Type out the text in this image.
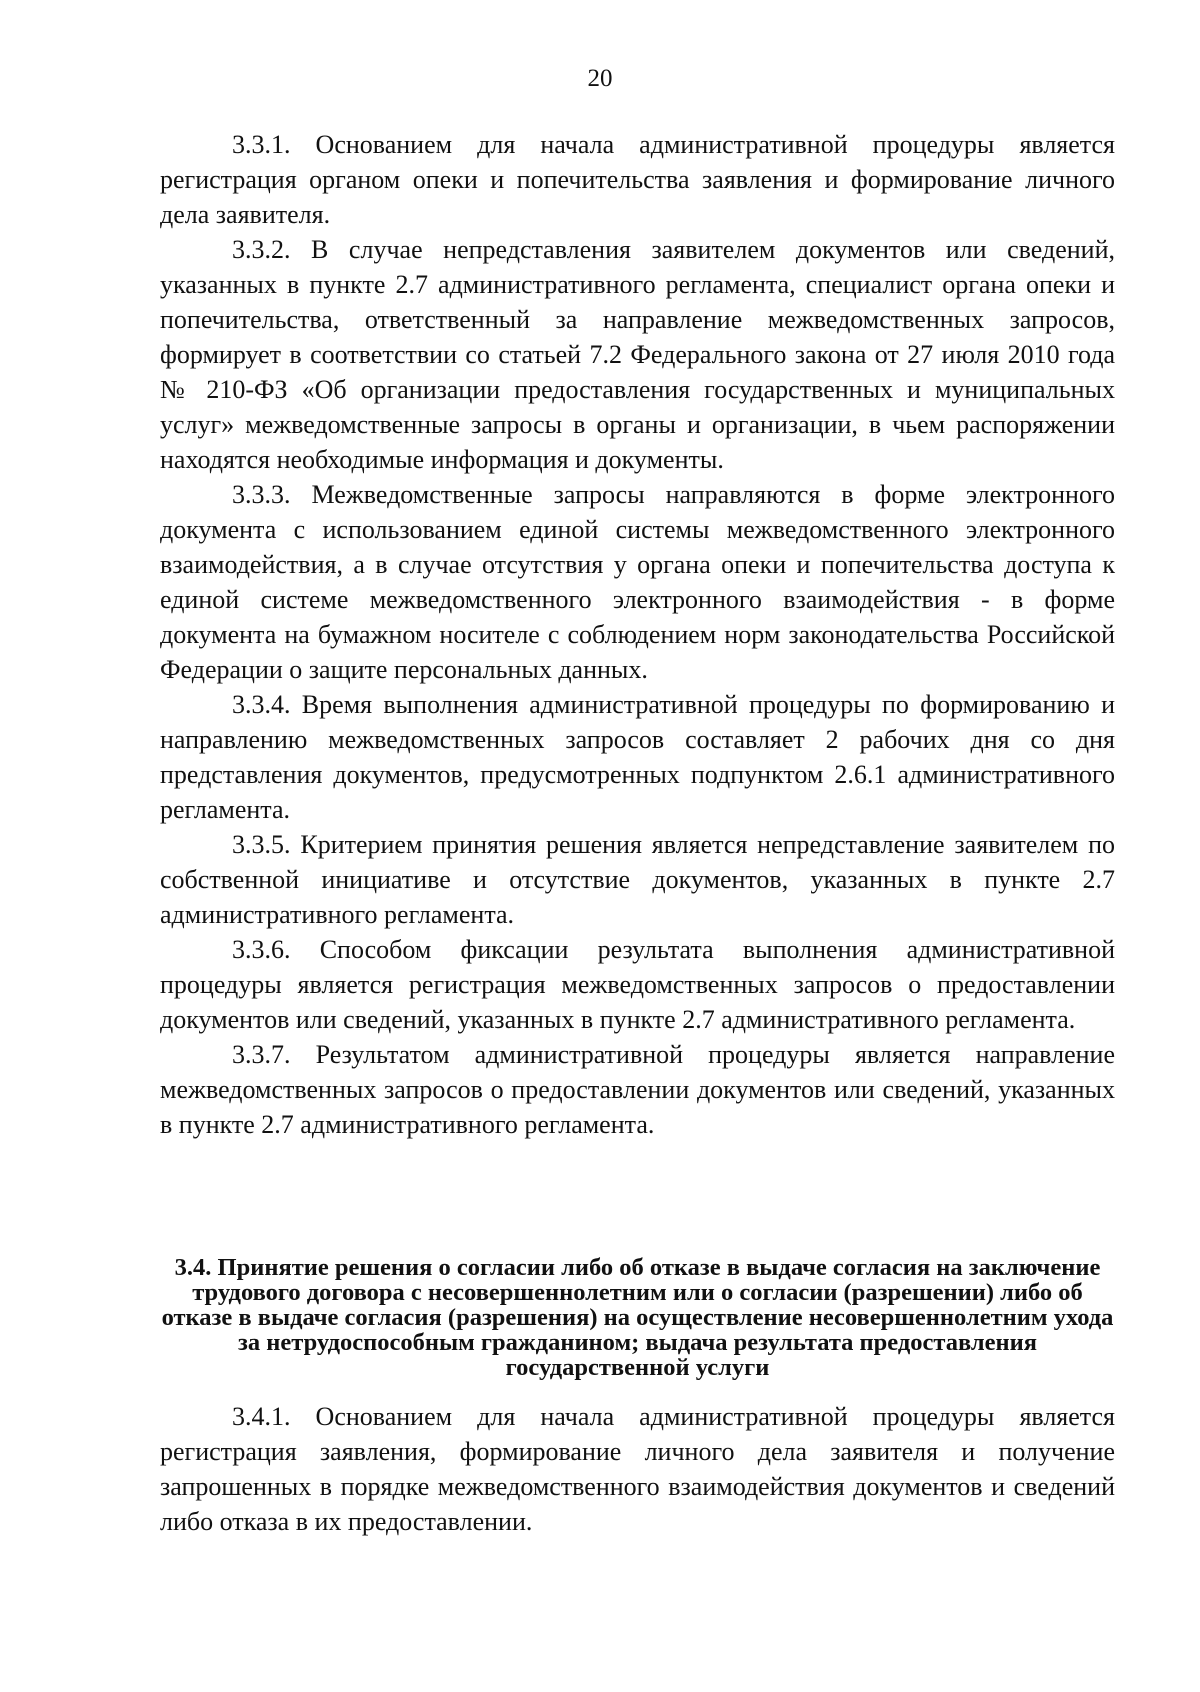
20

3.3.1. Основанием для начала административной процедуры является регистрация органом опеки и попечительства заявления и формирование личного дела заявителя.

3.3.2. В случае непредставления заявителем документов или сведений, указанных в пункте 2.7 административного регламента, специалист органа опеки и попечительства, ответственный за направление межведомственных запросов, формирует в соответствии со статьей 7.2 Федерального закона от 27 июля 2010 года № 210-ФЗ «Об организации предоставления государственных и муниципальных услуг» межведомственные запросы в органы и организации, в чьем распоряжении находятся необходимые информация и документы.

3.3.3. Межведомственные запросы направляются в форме электронного документа с использованием единой системы межведомственного электронного взаимодействия, а в случае отсутствия у органа опеки и попечительства доступа к единой системе межведомственного электронного взаимодействия - в форме документа на бумажном носителе с соблюдением норм законодательства Российской Федерации о защите персональных данных.

3.3.4. Время выполнения административной процедуры по формированию и направлению межведомственных запросов составляет 2 рабочих дня со дня представления документов, предусмотренных подпунктом 2.6.1 административного регламента.

3.3.5. Критерием принятия решения является непредставление заявителем по собственной инициативе и отсутствие документов, указанных в пункте 2.7 административного регламента.

3.3.6. Способом фиксации результата выполнения административной процедуры является регистрация межведомственных запросов о предоставлении документов или сведений, указанных в пункте 2.7 административного регламента.

3.3.7. Результатом административной процедуры является направление межведомственных запросов о предоставлении документов или сведений, указанных в пункте 2.7 административного регламента.

3.4. Принятие решения о согласии либо об отказе в выдаче согласия на заключение трудового договора с несовершеннолетним или о согласии (разрешении) либо об отказе в выдаче согласия (разрешения) на осуществление несовершеннолетним ухода за нетрудоспособным гражданином; выдача результата предоставления государственной услуги

3.4.1. Основанием для начала административной процедуры является регистрация заявления, формирование личного дела заявителя и получение запрошенных в порядке межведомственного взаимодействия документов и сведений либо отказа в их предоставлении.
